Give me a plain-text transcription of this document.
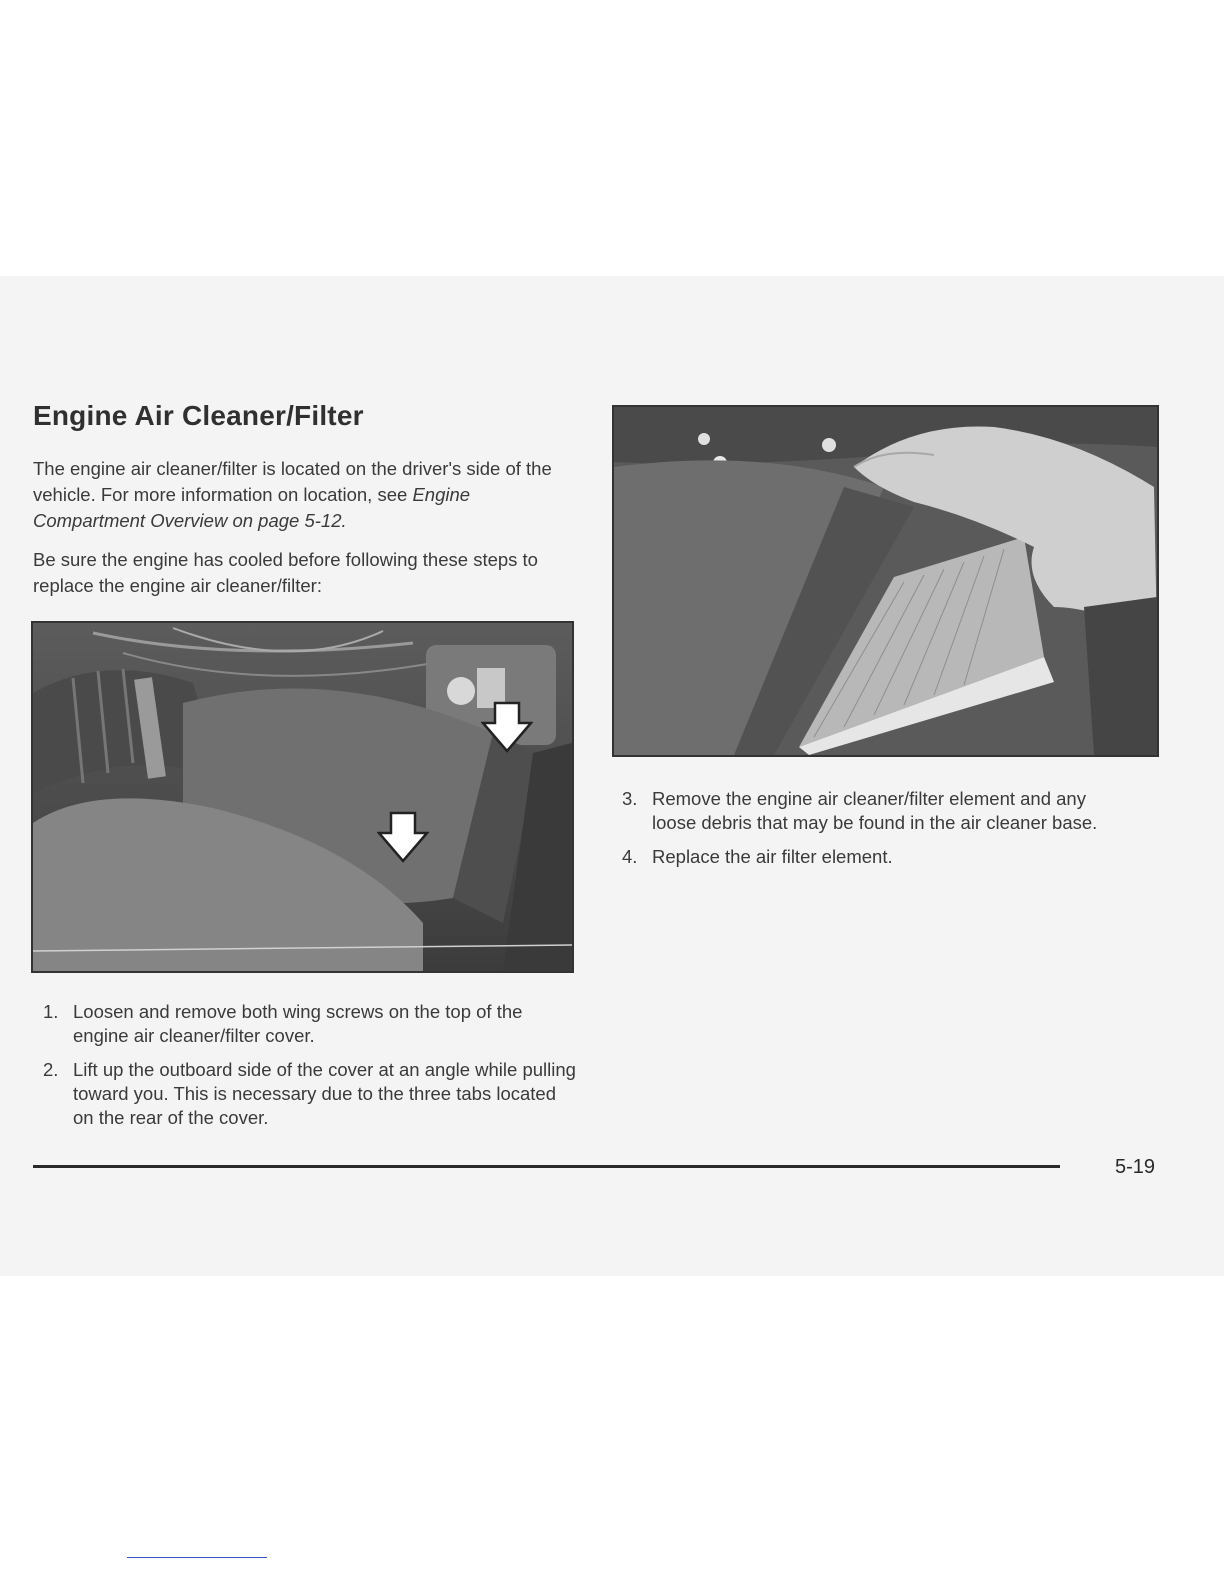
Engine Air Cleaner/Filter

The engine air cleaner/filter is located on the driver's side of the vehicle. For more information on location, see Engine Compartment Overview on page 5-12.

Be sure the engine has cooled before following these steps to replace the engine air cleaner/filter:

1. Loosen and remove both wing screws on the top of the engine air cleaner/filter cover.
2. Lift up the outboard side of the cover at an angle while pulling toward you. This is necessary due to the three tabs located on the rear of the cover.
3. Remove the engine air cleaner/filter element and any loose debris that may be found in the air cleaner base.
4. Replace the air filter element.
5-19
